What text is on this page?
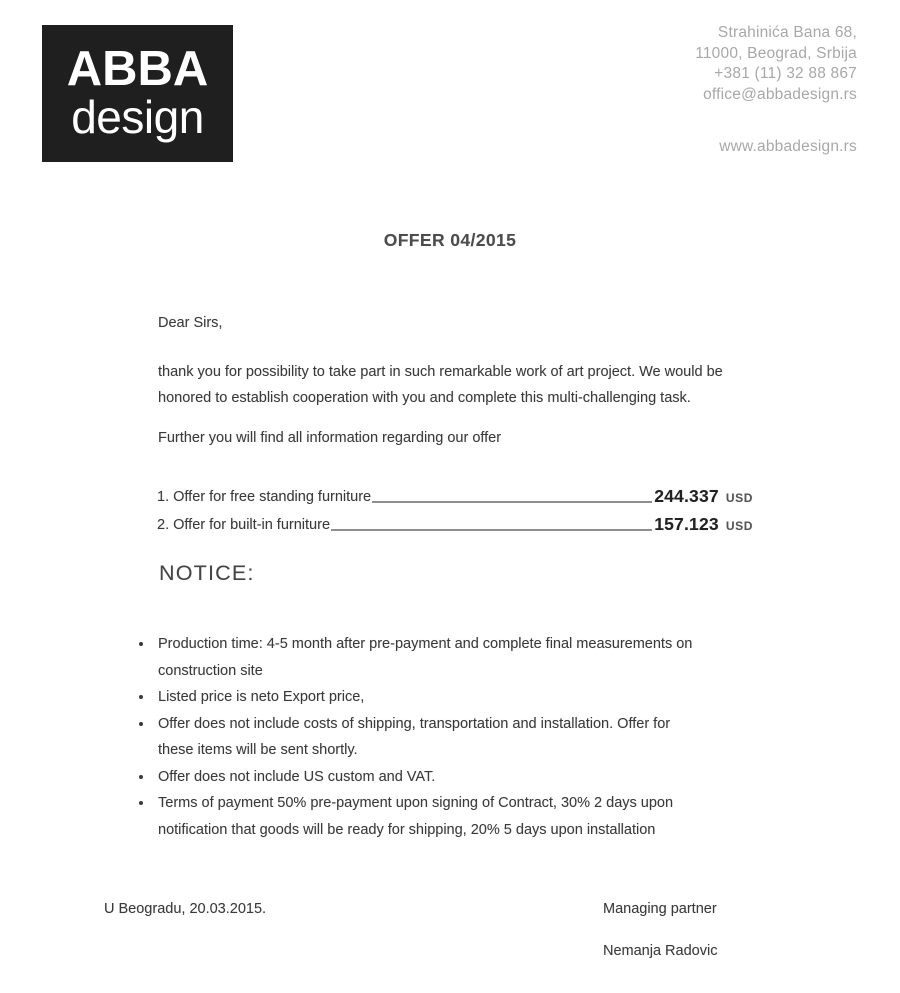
ABBA
design
Strahinića Bana 68,
11000, Beograd, Srbija
+381 (11) 32 88 867
office@abbadesign.rs
www.abbadesign.rs
OFFER 04/2015
Dear Sirs,
thank you for possibility to take part in such remarkable work of art project. We would be
honored to establish cooperation with you and complete this multi-challenging task.
Further you will find all information regarding our offer
1. Offer for free standing furniture	244.337 USD
2. Offer for built-in furniture	157.123 USD
NOTICE:
• Production time: 4-5 month after pre-payment and complete final measurements on
construction site
• Listed price is neto Export price,
• Offer does not include costs of shipping, transportation and installation. Offer for
these items will be sent shortly.
• Offer does not include US custom and VAT.
• Terms of payment 50% pre-payment upon signing of Contract, 30% 2 days upon
notification that goods will be ready for shipping, 20% 5 days upon installation
U Beogradu, 20.03.2015.	Managing partner
Nemanja Radovic
